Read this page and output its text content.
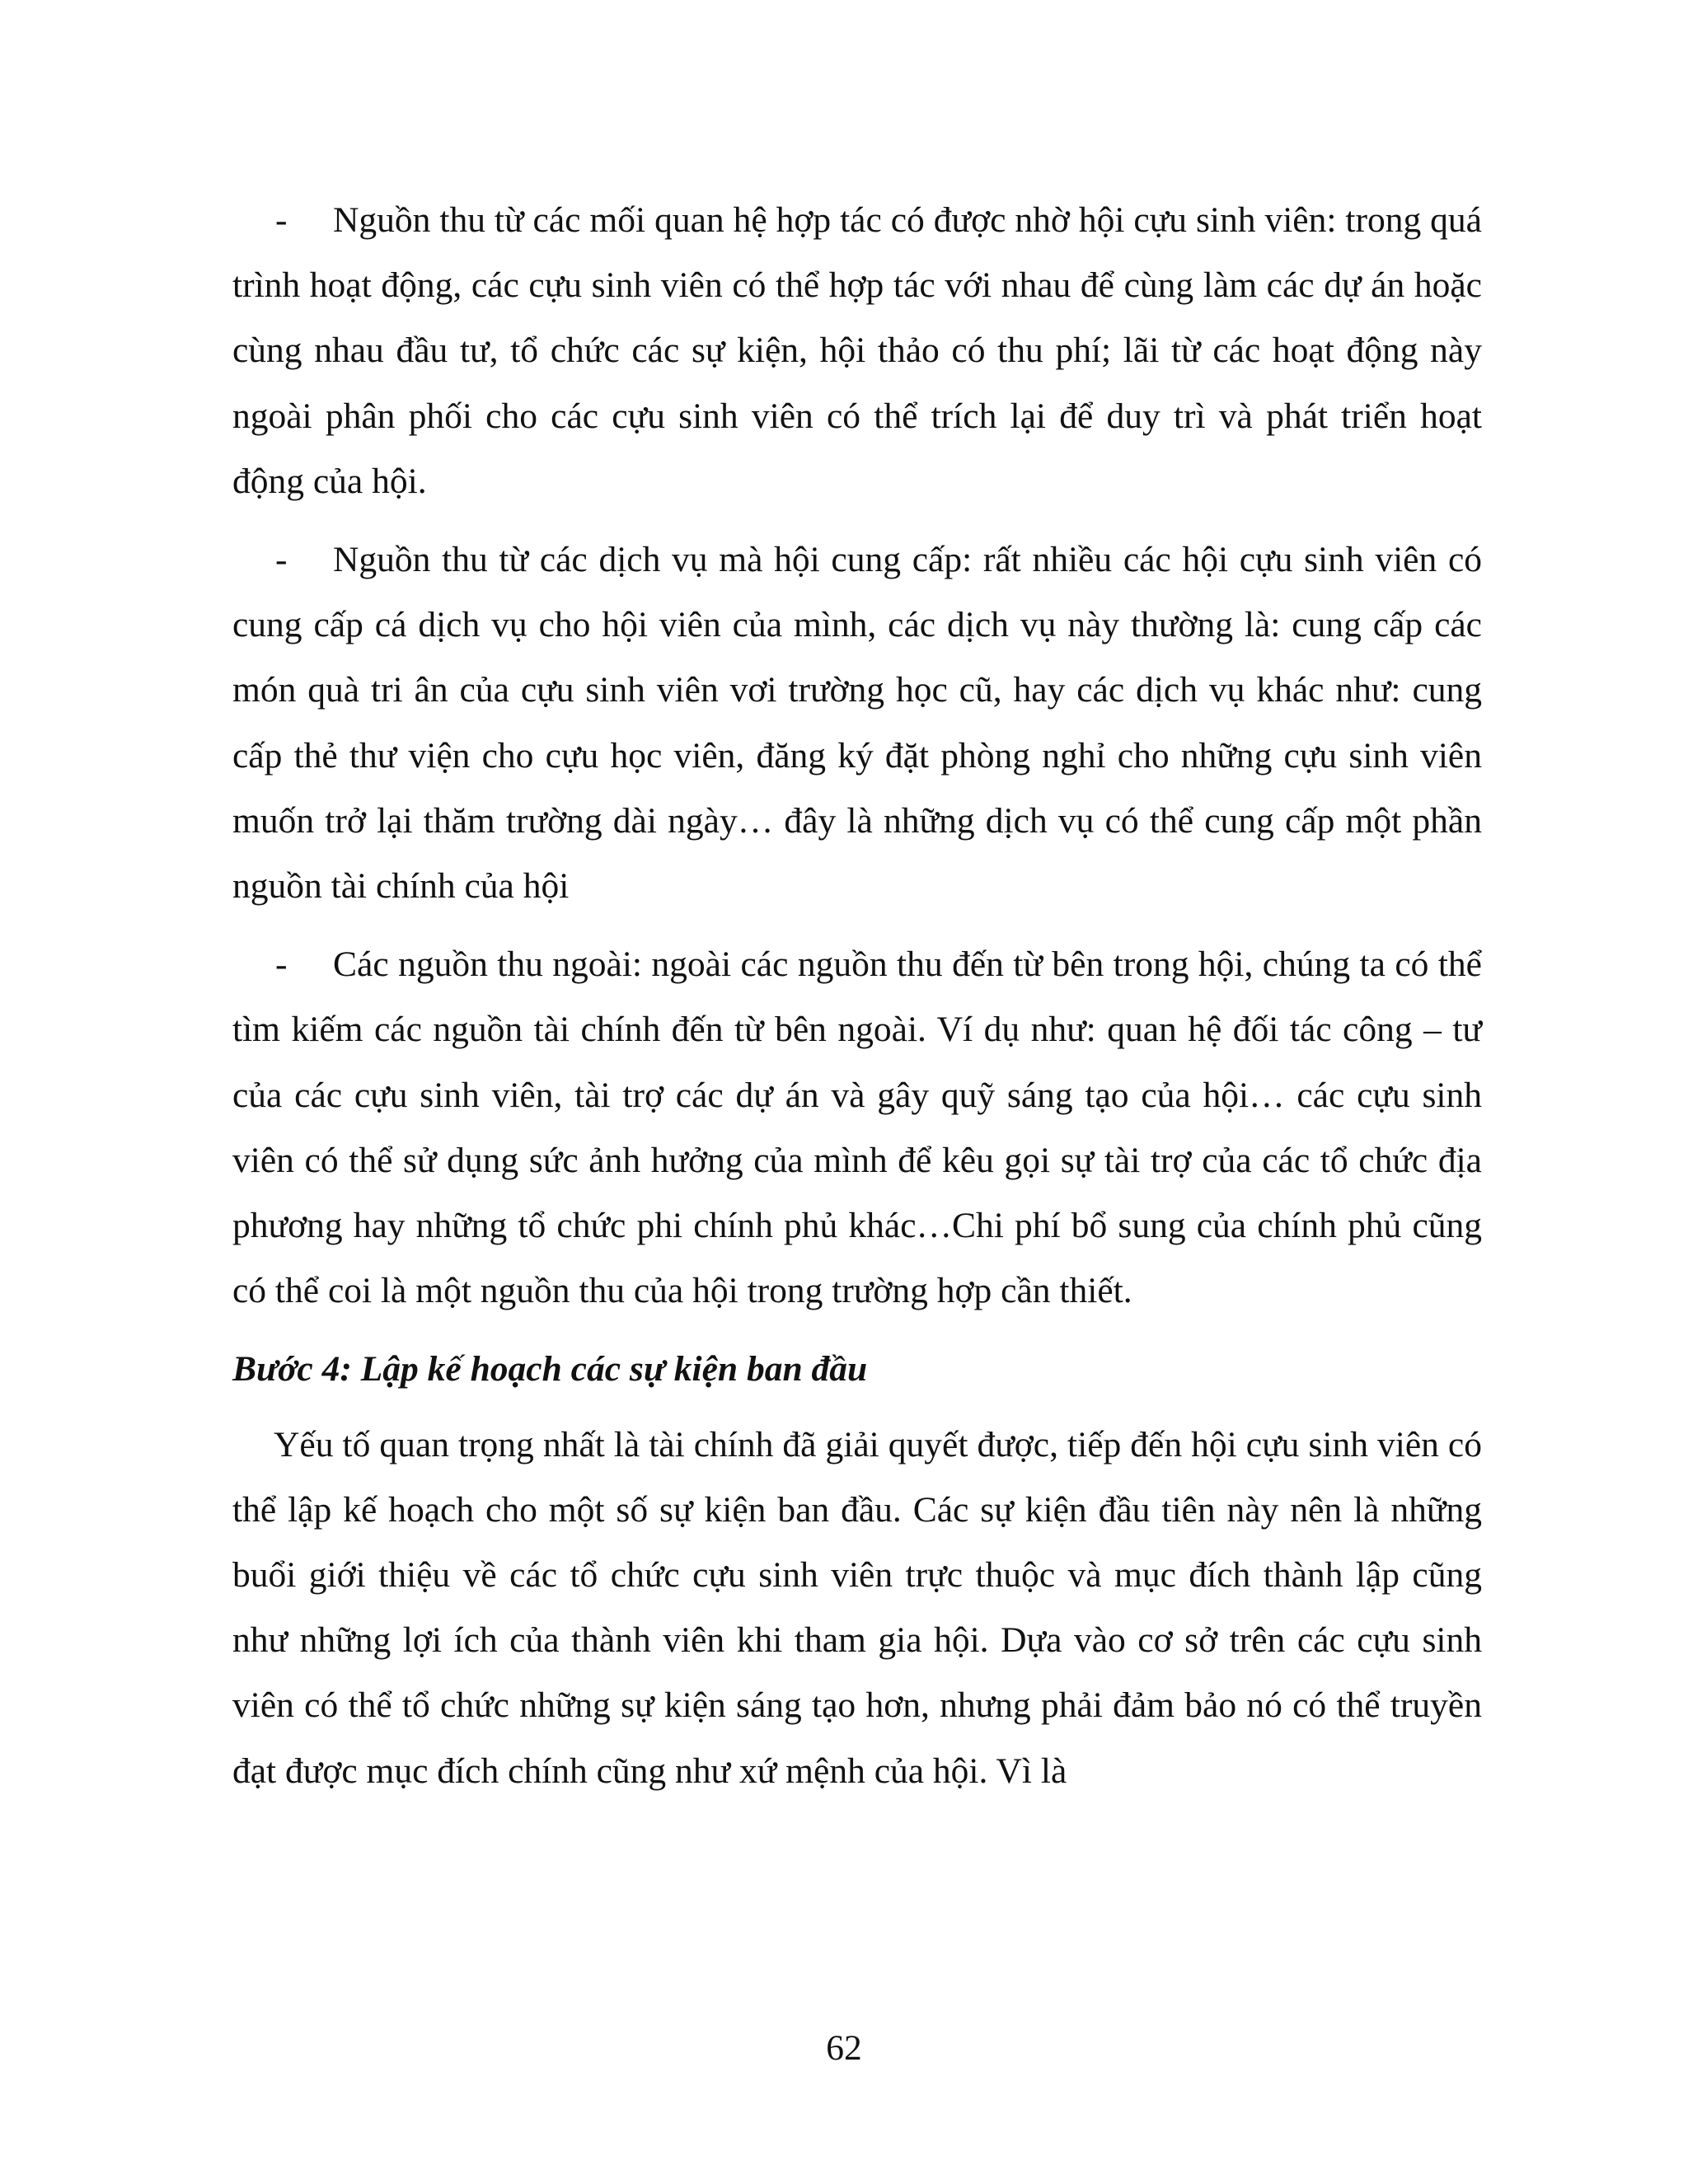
- Nguồn thu từ các mối quan hệ hợp tác có được nhờ hội cựu sinh viên: trong quá trình hoạt động, các cựu sinh viên có thể hợp tác với nhau để cùng làm các dự án hoặc cùng nhau đầu tư, tổ chức các sự kiện, hội thảo có thu phí; lãi từ các hoạt động này ngoài phân phối cho các cựu sinh viên có thể trích lại để duy trì và phát triển hoạt động của hội.

- Nguồn thu từ các dịch vụ mà hội cung cấp: rất nhiều các hội cựu sinh viên có cung cấp cá dịch vụ cho hội viên của mình, các dịch vụ này thường là: cung cấp các món quà tri ân của cựu sinh viên vơi trường học cũ, hay các dịch vụ khác như: cung cấp thẻ thư viện cho cựu học viên, đăng ký đặt phòng nghỉ cho những cựu sinh viên muốn trở lại thăm trường dài ngày… đây là những dịch vụ có thể cung cấp một phần nguồn tài chính của hội

- Các nguồn thu ngoài: ngoài các nguồn thu đến từ bên trong hội, chúng ta có thể tìm kiếm các nguồn tài chính đến từ bên ngoài. Ví dụ như: quan hệ đối tác công – tư của các cựu sinh viên, tài trợ các dự án và gây quỹ sáng tạo của hội… các cựu sinh viên có thể sử dụng sức ảnh hưởng của mình để kêu gọi sự tài trợ của các tổ chức địa phương hay những tổ chức phi chính phủ khác…Chi phí bổ sung của chính phủ cũng có thể coi là một nguồn thu của hội trong trường hợp cần thiết.

Bước 4: Lập kế hoạch các sự kiện ban đầu

Yếu tố quan trọng nhất là tài chính đã giải quyết được, tiếp đến hội cựu sinh viên có thể lập kế hoạch cho một số sự kiện ban đầu. Các sự kiện đầu tiên này nên là những buổi giới thiệu về các tổ chức cựu sinh viên trực thuộc và mục đích thành lập cũng như những lợi ích của thành viên khi tham gia hội. Dựa vào cơ sở trên các cựu sinh viên có thể tổ chức những sự kiện sáng tạo hơn, nhưng phải đảm bảo nó có thể truyền đạt được mục đích chính cũng như xứ mệnh của hội. Vì là

62
